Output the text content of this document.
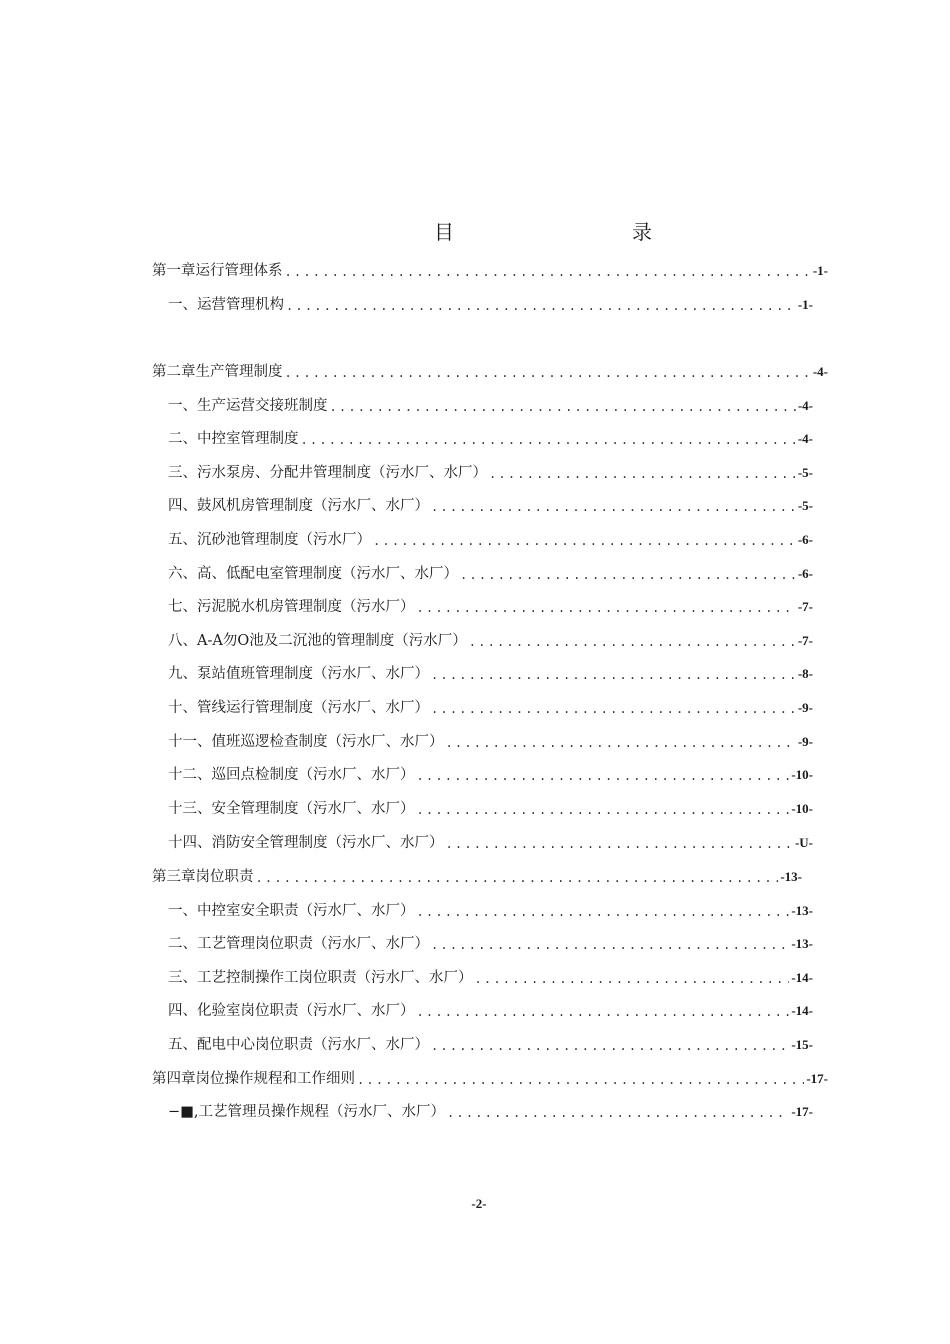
目	录
第一章运行管理体系 .....	-1-
一、运营管理机构 .....	-1-
第二章生产管理制度 .....	-4-
一、生产运营交接班制度 .....	-4-
二、中控室管理制度 .....	-4-
三、污水泵房、分配井管理制度（污水厂、水厂） .....	-5-
四、鼓风机房管理制度（污水厂、水厂） .....	-5-
五、沉砂池管理制度（污水厂） .....	-6-
六、高、低配电室管理制度（污水厂、水厂） .....	-6-
七、污泥脱水机房管理制度（污水厂） .....	-7-
八、A-A勿O池及二沉池的管理制度（污水厂） .....	-7-
九、泵站值班管理制度（污水厂、水厂） .....	-8-
十、管线运行管理制度（污水厂、水厂） .....	-9-
十一、值班巡逻检查制度（污水厂、水厂） .....	-9-
十二、巡回点检制度（污水厂、水厂） .....	-10-
十三、安全管理制度（污水厂、水厂） .....	-10-
十四、消防安全管理制度（污水厂、水厂） .....	-U-
第三章岗位职责 .....	-13-
一、中控室安全职责（污水厂、水厂） .....	-13-
二、工艺管理岗位职责（污水厂、水厂） .....	-13-
三、工艺控制操作工岗位职责（污水厂、水厂） .....	-14-
四、化验室岗位职责（污水厂、水厂） .....	-14-
五、配电中心岗位职责（污水厂、水厂） .....	-15-
第四章岗位操作规程和工作细则 .....	-17-
−■,工艺管理员操作规程（污水厂、水厂） .....	-17-
-2-
